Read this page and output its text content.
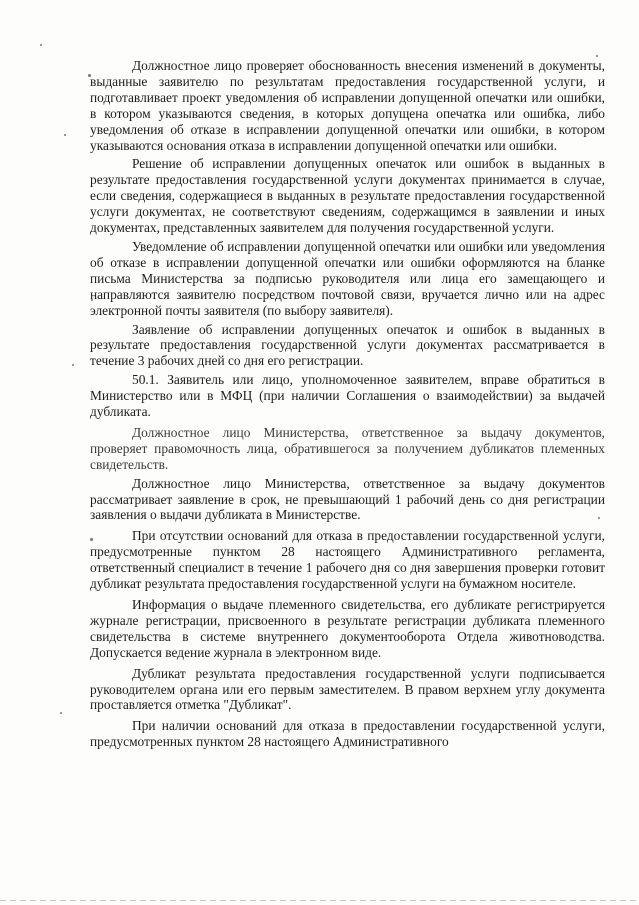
Должностное лицо проверяет обоснованность внесения изменений в документы, выданные заявителю по результатам предоставления государственной услуги, и подготавливает проект уведомления об исправлении допущенной опечатки или ошибки, в котором указываются сведения, в которых допущена опечатка или ошибка, либо уведомления об отказе в исправлении допущенной опечатки или ошибки, в котором указываются основания отказа в исправлении допущенной опечатки или ошибки.

Решение об исправлении допущенных опечаток или ошибок в выданных в результате предоставления государственной услуги документах принимается в случае, если сведения, содержащиеся в выданных в результате предоставления государственной услуги документах, не соответствуют сведениям, содержащимся в заявлении и иных документах, представленных заявителем для получения государственной услуги.

Уведомление об исправлении допущенной опечатки или ошибки или уведомления об отказе в исправлении допущенной опечатки или ошибки оформляются на бланке письма Министерства за подписью руководителя или лица его замещающего и направляются заявителю посредством почтовой связи, вручается лично или на адрес электронной почты заявителя (по выбору заявителя).

Заявление об исправлении допущенных опечаток и ошибок в выданных в результате предоставления государственной услуги документах рассматривается в течение 3 рабочих дней со дня его регистрации.

50.1. Заявитель или лицо, уполномоченное заявителем, вправе обратиться в Министерство или в МФЦ (при наличии Соглашения о взаимодействии) за выдачей дубликата.

Должностное лицо Министерства, ответственное за выдачу документов, проверяет правомочность лица, обратившегося за получением дубликатов племенных свидетельств.

Должностное лицо Министерства, ответственное за выдачу документов рассматривает заявление в срок, не превышающий 1 рабочий день со дня регистрации заявления о выдачи дубликата в Министерстве.

При отсутствии оснований для отказа в предоставлении государственной услуги, предусмотренные пунктом 28 настоящего Административного регламента, ответственный специалист в течение 1 рабочего дня со дня завершения проверки готовит дубликат результата предоставления государственной услуги на бумажном носителе.

Информация о выдаче племенного свидетельства, его дубликате регистрируется журнале регистрации, присвоенного в результате регистрации дубликата племенного свидетельства в системе внутреннего документооборота Отдела животноводства. Допускается ведение журнала в электронном виде.

Дубликат результата предоставления государственной услуги подписывается руководителем органа или его первым заместителем. В правом верхнем углу документа проставляется отметка "Дубликат".

При наличии оснований для отказа в предоставлении государственной услуги, предусмотренных пунктом 28 настоящего Административного
